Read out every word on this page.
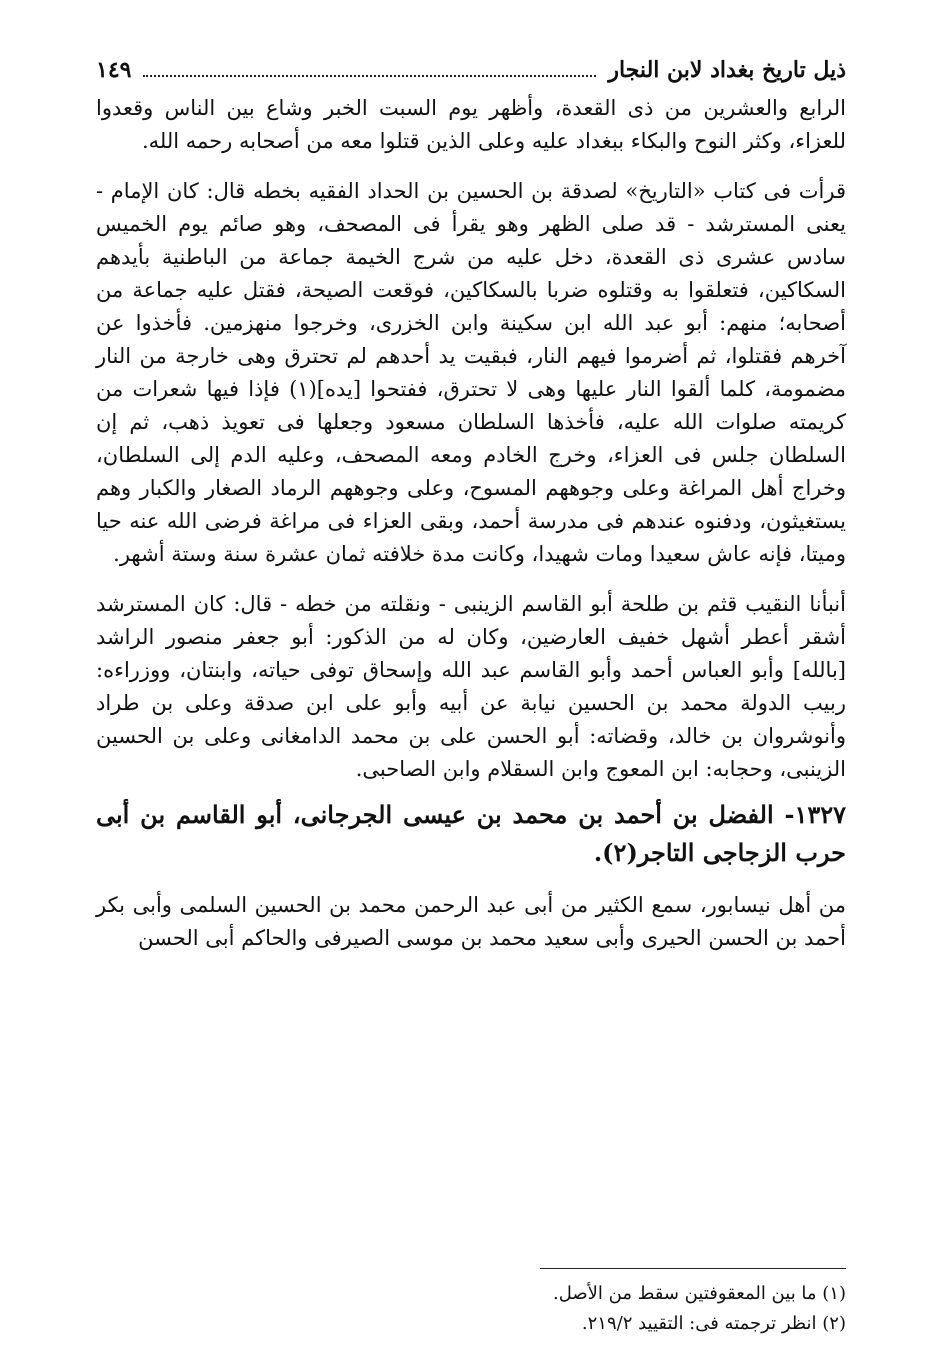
ذيل تاريخ بغداد لابن النجار
١٤٩

الرابع والعشرين من ذى القعدة، وأظهر يوم السبت الخبر وشاع بين الناس وقعدوا للعزاء، وكثر النوح والبكاء ببغداد عليه وعلى الذين قتلوا معه من أصحابه رحمه الله.

قرأت فى كتاب «التاريخ» لصدقة بن الحسين بن الحداد الفقيه بخطه قال: كان الإمام - يعنى المسترشد - قد صلى الظهر وهو يقرأ فى المصحف، وهو صائم يوم الخميس سادس عشرى ذى القعدة، دخل عليه من شرج الخيمة جماعة من الباطنية بأيدهم السكاكين، فتعلقوا به وقتلوه ضربا بالسكاكين، فوقعت الصيحة، فقتل عليه جماعة من أصحابه؛ منهم: أبو عبد الله ابن سكينة وابن الخزرى، وخرجوا منهزمين. فأخذوا عن آخرهم فقتلوا، ثم أضرموا فيهم النار، فبقيت يد أحدهم لم تحترق وهى خارجة من النار مضمومة، كلما ألقوا النار عليها وهى لا تحترق، ففتحوا [يده](١) فإذا فيها شعرات من كريمته صلوات الله عليه، فأخذها السلطان مسعود وجعلها فى تعويذ ذهب، ثم إن السلطان جلس فى العزاء، وخرج الخادم ومعه المصحف، وعليه الدم إلى السلطان، وخراج أهل المراغة وعلى وجوههم المسوح، وعلى وجوههم الرماد الصغار والكبار وهم يستغيثون، ودفنوه عندهم فى مدرسة أحمد، وبقى العزاء فى مراغة فرضى الله عنه حيا وميتا، فإنه عاش سعيدا ومات شهيدا، وكانت مدة خلافته ثمان عشرة سنة وستة أشهر.

أنبأنا النقيب قثم بن طلحة أبو القاسم الزينبى - ونقلته من خطه - قال: كان المسترشد أشقر أعطر أشهل خفيف العارضين، وكان له من الذكور: أبو جعفر منصور الراشد [بالله] وأبو العباس أحمد وأبو القاسم عبد الله وإسحاق توفى حياته، وابنتان، ووزراءه: ربيب الدولة محمد بن الحسين نيابة عن أبيه وأبو على ابن صدقة وعلى بن طراد وأنوشروان بن خالد، وقضاته: أبو الحسن على بن محمد الدامغانى وعلى بن الحسين الزينبى، وحجابه: ابن المعوج وابن السقلام وابن الصاحبى.

١٣٢٧- الفضل بن أحمد بن محمد بن عيسى الجرجانى، أبو القاسم بن أبى حرب الزجاجى التاجر(٢).

من أهل نيسابور، سمع الكثير من أبى عبد الرحمن محمد بن الحسين السلمى وأبى بكر أحمد بن الحسن الحيرى وأبى سعيد محمد بن موسى الصيرفى والحاكم أبى الحسن

(١) ما بين المعقوفتين سقط من الأصل.
(٢) انظر ترجمته فى: التقييد ٢١٩/٢.
